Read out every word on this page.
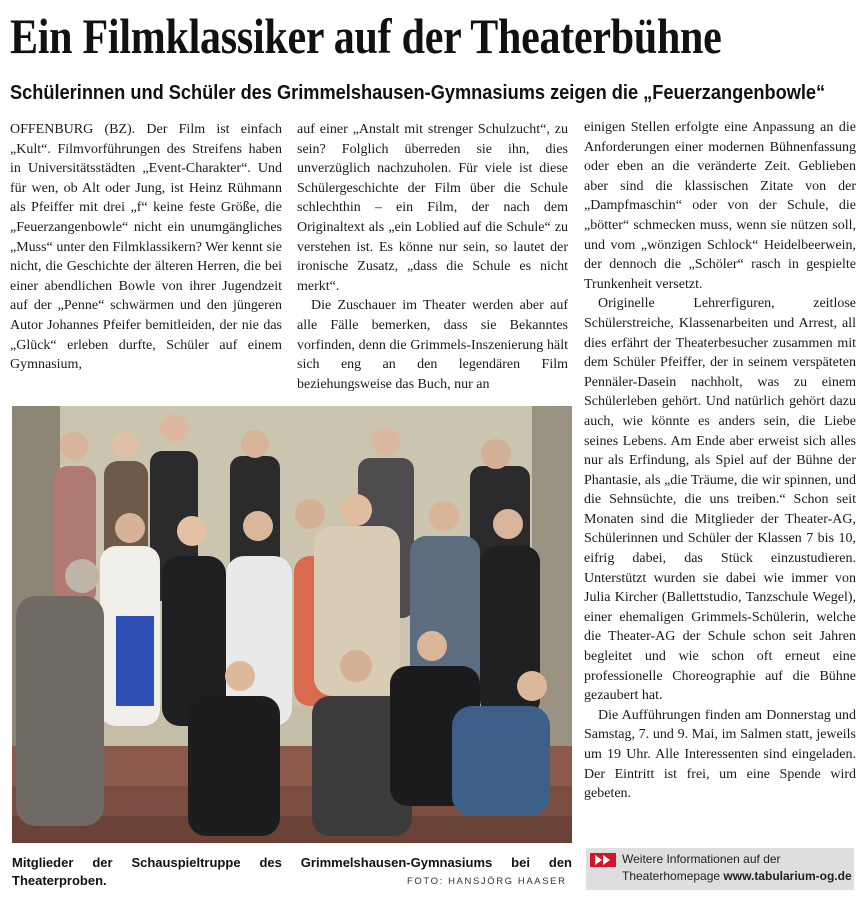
Ein Filmklassiker auf der Theaterbühne
Schülerinnen und Schüler des Grimmelshausen-Gymnasiums zeigen die „Feuerzangenbowle“

OFFENBURG (BZ). Der Film ist einfach „Kult“. Filmvorführungen des Streifens haben in Universitätsstädten „Event-Charakter“. Und für wen, ob Alt oder Jung, ist Heinz Rühmann als Pfeiffer mit drei „f“ keine feste Größe, die „Feuerzangenbowle“ nicht ein unumgängliches „Muss“ unter den Filmklassikern? Wer kennt sie nicht, die Geschichte der älteren Herren, die bei einer abendlichen Bowle von ihrer Jugendzeit auf der „Penne“ schwärmen und den jüngeren Autor Johannes Pfeifer bemitleiden, der nie das „Glück“ erleben durfte, Schüler auf einem Gymnasium,

auf einer „Anstalt mit strenger Schulzucht“, zu sein? Folglich überreden sie ihn, dies unverzüglich nachzuholen. Für viele ist diese Schülergeschichte der Film über die Schule schlechthin – ein Film, der nach dem Originaltext als „ein Loblied auf die Schule“ zu verstehen ist. Es könne nur sein, so lautet der ironische Zusatz, „dass die Schule es nicht merkt“.

Die Zuschauer im Theater werden aber auf alle Fälle bemerken, dass sie Bekanntes vorfinden, denn die Grimmels-Inszenierung hält sich eng an den legendären Film beziehungsweise das Buch, nur an

einigen Stellen erfolgte eine Anpassung an die Anforderungen einer modernen Bühnenfassung oder eben an die veränderte Zeit. Geblieben aber sind die klassischen Zitate von der „Dampfmaschin“ oder von der Schule, die „bötter“ schmecken muss, wenn sie nützen soll, und vom „wönzigen Schlock“ Heidelbeerwein, der dennoch die „Schöler“ rasch in gespielte Trunkenheit versetzt.

Originelle Lehrerfiguren, zeitlose Schülerstreiche, Klassenarbeiten und Arrest, all dies erfährt der Theaterbesucher zusammen mit dem Schüler Pfeiffer, der in seinem verspäteten Pennäler-Dasein nachholt, was zu einem Schülerleben gehört. Und natürlich gehört dazu auch, wie könnte es anders sein, die Liebe seines Lebens. Am Ende aber erweist sich alles nur als Erfindung, als Spiel auf der Bühne der Phantasie, als „die Träume, die wir spinnen, und die Sehnsüchte, die uns treiben.“ Schon seit Monaten sind die Mitglieder der Theater-AG, Schülerinnen und Schüler der Klassen 7 bis 10, eifrig dabei, das Stück einzustudieren. Unterstützt wurden sie dabei wie immer von Julia Kircher (Ballettstudio, Tanzschule Wegel), einer ehemaligen Grimmels-Schülerin, welche die Theater-AG der Schule schon seit Jahren begleitet und wie schon oft erneut eine professionelle Choreographie auf die Bühne gezaubert hat.

Die Aufführungen finden am Donnerstag und Samstag, 7. und 9. Mai, im Salmen statt, jeweils um 19 Uhr. Alle Interessenten sind eingeladen. Der Eintritt ist frei, um eine Spende wird gebeten.

Mitglieder der Schauspieltruppe des Grimmelshausen-Gymnasiums bei den Theaterproben.	FOTO: HANSJÖRG HAASER
Weitere Informationen auf der Theaterhomepage www.tabularium-og.de
